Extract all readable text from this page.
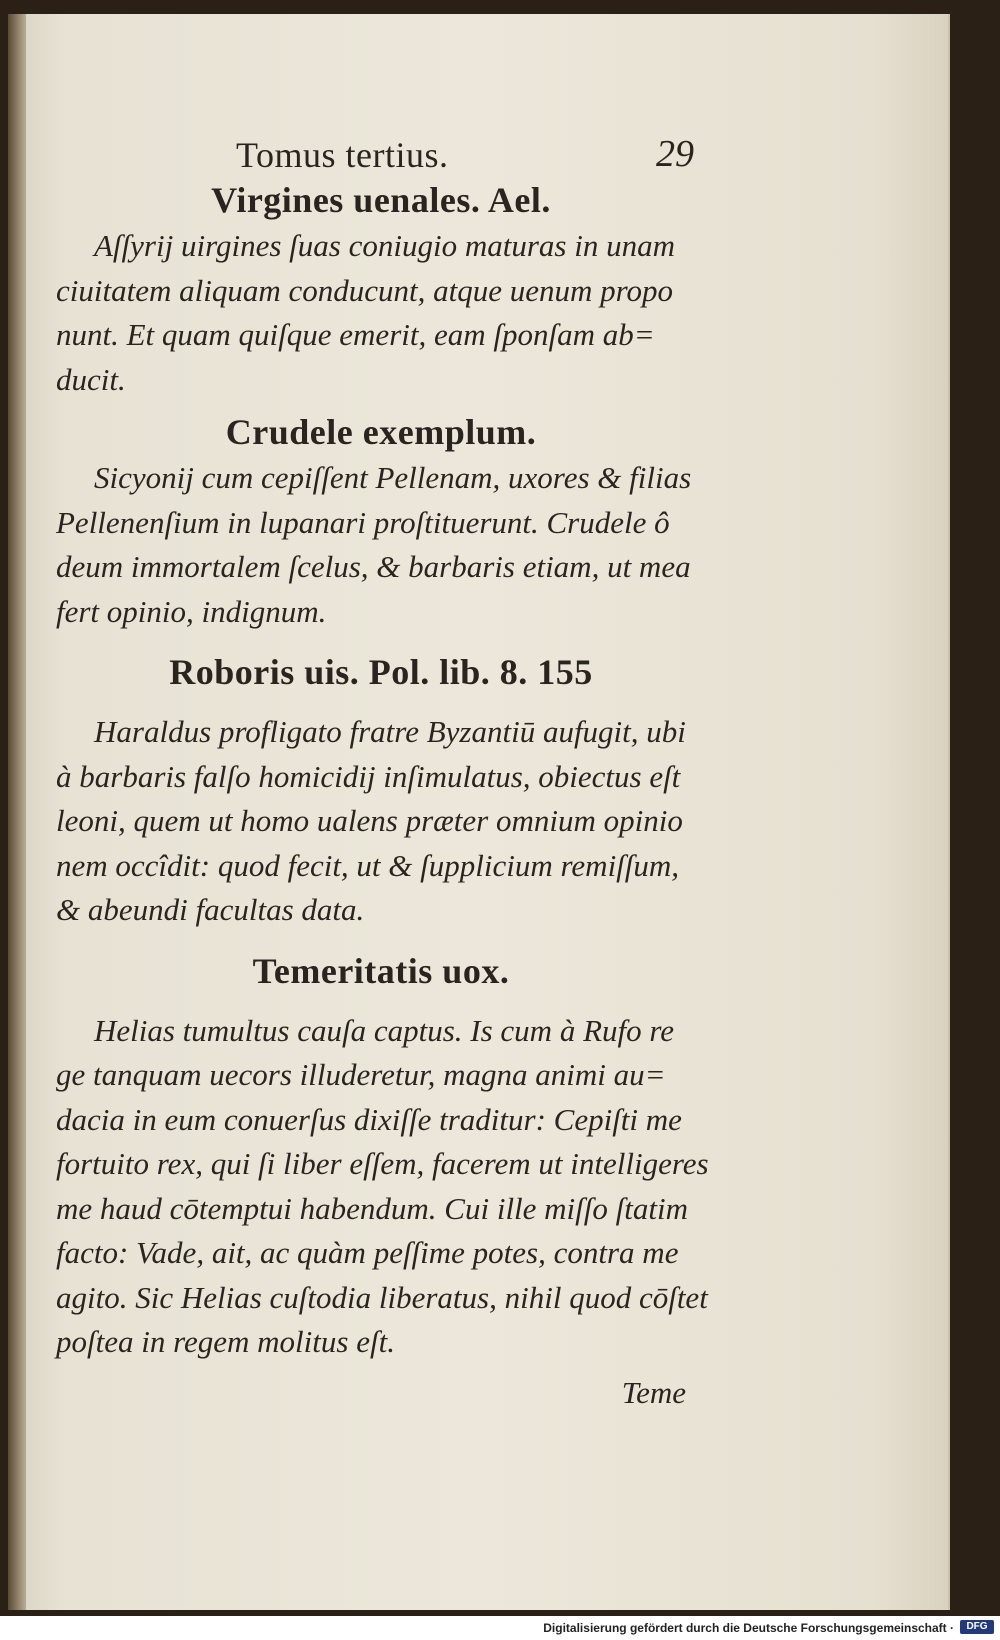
Tomus tertius.	29
Virgines uenales. Ael.

Aſſyrij uirgines ſuas coniugio maturas in unam
ciuitatem aliquam conducunt, atque uenum propo
nunt. Et quam quiſque emerit, eam ſponſam ab=
ducit.

Crudele exemplum.

Sicyonij cum cepiſſent Pellenam, uxores & filias
Pellenenſium in lupanari proſtituerunt. Crudele ô
deum immortalem ſcelus, & barbaris etiam, ut mea
fert opinio, indignum.

Roboris uis. Pol. lib. 8. 155

Haraldus profligato fratre Byzantiū aufugit, ubi
à barbaris falſo homicidij inſimulatus, obiectus eſt
leoni, quem ut homo ualens præter omnium opinio
nem occîdit: quod fecit, ut & ſupplicium remiſſum,
& abeundi facultas data.

Temeritatis uox.

Helias tumultus cauſa captus. Is cum à Rufo re
ge tanquam uecors illuderetur, magna animi au=
dacia in eum conuerſus dixiſſe traditur: Cepiſti me
fortuito rex, qui ſi liber eſſem, facerem ut intelligeres
me haud cōtemptui habendum. Cui ille miſſo ſtatim
facto: Vade, ait, ac quàm peſſime potes, contra me
agito. Sic Helias cuſtodia liberatus, nihil quod cōſtet
poſtea in regem molitus eſt.

Teme
Digitalisierung gefördert durch die Deutsche Forschungsgemeinschaft ·	DFG
